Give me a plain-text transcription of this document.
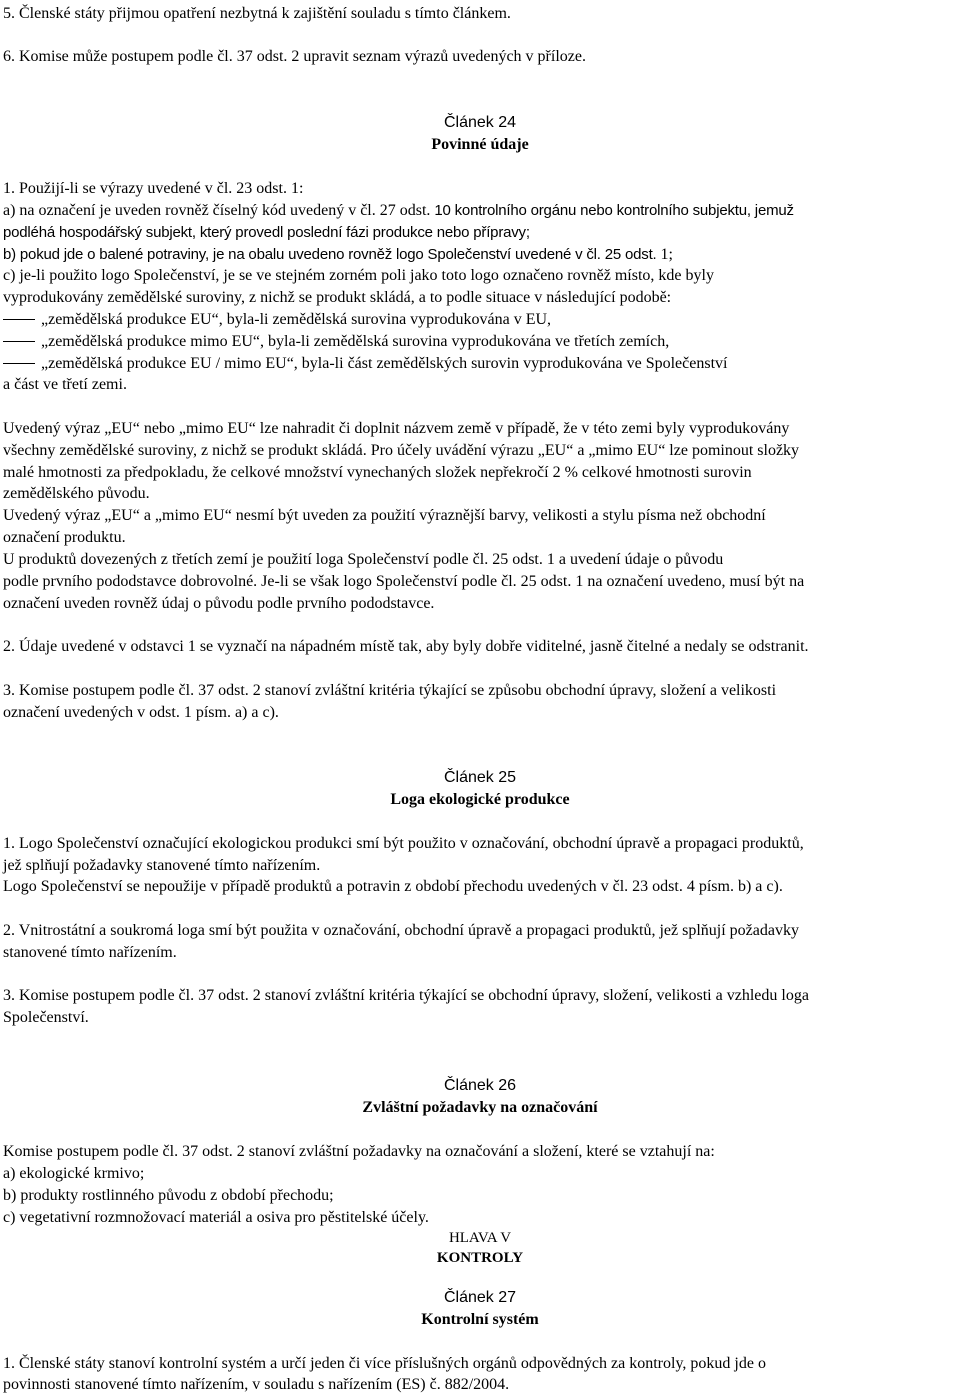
5. Členské státy přijmou opatření nezbytná k zajištění souladu s tímto článkem.
6. Komise může postupem podle čl. 37 odst. 2 upravit seznam výrazů uvedených v příloze.
Článek 24
Povinné údaje
1. Použijí-li se výrazy uvedené v čl. 23 odst. 1:
a) na označení je uveden rovněž číselný kód uvedený v čl. 27 odst. 10 kontrolního orgánu nebo kontrolního subjektu, jemuž
podléhá hospodářský subjekt, který provedl poslední fázi produkce nebo přípravy;
b) pokud jde o balené potraviny, je na obalu uvedeno rovněž logo Společenství uvedené v čl. 25 odst. 1;
c) je-li použito logo Společenství, je se ve stejném zorném poli jako toto logo označeno rovněž místo, kde byly
vyprodukovány zemědělské suroviny, z nichž se produkt skládá, a to podle situace v následující podobě:
„zemědělská produkce EU“, byla-li zemědělská surovina vyprodukována v EU,
„zemědělská produkce mimo EU“, byla-li zemědělská surovina vyprodukována ve třetích zemích,
„zemědělská produkce EU / mimo EU“, byla-li část zemědělských surovin vyprodukována ve Společenství
a část ve třetí zemi.
Uvedený výraz „EU“ nebo „mimo EU“ lze nahradit či doplnit názvem země v případě, že v této zemi byly vyprodukovány
všechny zemědělské suroviny, z nichž se produkt skládá. Pro účely uvádění výrazu „EU“ a „mimo EU“ lze pominout složky
malé hmotnosti za předpokladu, že celkové množství vynechaných složek nepřekročí 2 % celkové hmotnosti surovin
zemědělského původu.
Uvedený výraz „EU“ a „mimo EU“ nesmí být uveden za použití výraznější barvy, velikosti a stylu písma než obchodní
označení produktu.
U produktů dovezených z třetích zemí je použití loga Společenství podle čl. 25 odst. 1 a uvedení údaje o původu
podle prvního pododstavce dobrovolné. Je-li se však logo Společenství podle čl. 25 odst. 1 na označení uvedeno, musí být na
označení uveden rovněž údaj o původu podle prvního pododstavce.
2. Údaje uvedené v odstavci 1 se vyznačí na nápadném místě tak, aby byly dobře viditelné, jasně čitelné a nedaly se odstranit.
3. Komise postupem podle čl. 37 odst. 2 stanoví zvláštní kritéria týkající se způsobu obchodní úpravy, složení a velikosti
označení uvedených v odst. 1 písm. a) a c).
Článek 25
Loga ekologické produkce
1. Logo Společenství označující ekologickou produkci smí být použito v označování, obchodní úpravě a propagaci produktů,
jež splňují požadavky stanovené tímto nařízením.
Logo Společenství se nepoužije v případě produktů a potravin z období přechodu uvedených v čl. 23 odst. 4 písm. b) a c).
2. Vnitrostátní a soukromá loga smí být použita v označování, obchodní úpravě a propagaci produktů, jež splňují požadavky
stanovené tímto nařízením.
3. Komise postupem podle čl. 37 odst. 2 stanoví zvláštní kritéria týkající se obchodní úpravy, složení, velikosti a vzhledu loga
Společenství.
Článek 26
Zvláštní požadavky na označování
Komise postupem podle čl. 37 odst. 2 stanoví zvláštní požadavky na označování a složení, které se vztahují na:
a) ekologické krmivo;
b) produkty rostlinného původu z období přechodu;
c) vegetativní rozmnožovací materiál a osiva pro pěstitelské účely.
HLAVA V
KONTROLY
Článek 27
Kontrolní systém
1. Členské státy stanoví kontrolní systém a určí jeden či více příslušných orgánů odpovědných za kontroly, pokud jde o
povinnosti stanovené tímto nařízením, v souladu s nařízením (ES) č. 882/2004.
